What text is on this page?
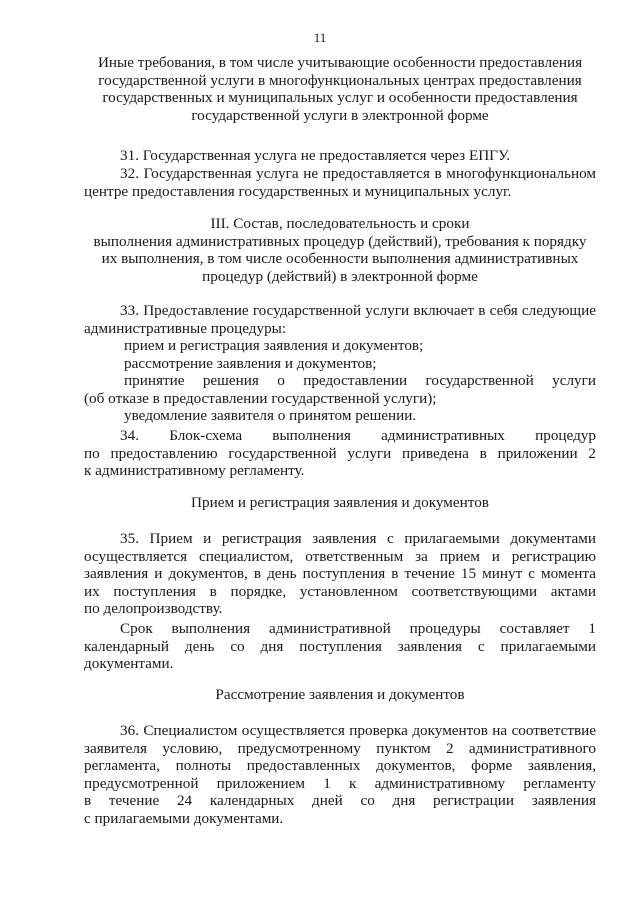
11
Иные требования, в том числе учитывающие особенности предоставления
государственной услуги в многофункциональных центрах предоставления
государственных и муниципальных услуг и особенности предоставления
государственной услуги в электронной форме
31. Государственная услуга не предоставляется через ЕПГУ.
32. Государственная услуга не предоставляется в многофункциональном
центре предоставления государственных и муниципальных услуг.
III. Состав, последовательность и сроки
выполнения административных процедур (действий), требования к порядку
их выполнения, в том числе особенности выполнения административных
процедур (действий) в электронной форме
33. Предоставление государственной услуги включает в себя следующие
административные процедуры:
прием и регистрация заявления и документов;
рассмотрение заявления и документов;
принятие решения о предоставлении государственной услуги
(об отказе в предоставлении государственной услуги);
уведомление заявителя о принятом решении.
34. Блок-схема выполнения административных процедур
по предоставлению государственной услуги приведена в приложении 2
к административному регламенту.
Прием и регистрация заявления и документов
35. Прием и регистрация заявления с прилагаемыми документами
осуществляется специалистом, ответственным за прием и регистрацию
заявления и документов, в день поступления в течение 15 минут с момента
их поступления в порядке, установленном соответствующими актами
по делопроизводству.
Срок выполнения административной процедуры составляет 1
календарный день со дня поступления заявления с прилагаемыми
документами.
Рассмотрение заявления и документов
36. Специалистом осуществляется проверка документов на соответствие
заявителя условию, предусмотренному пунктом 2 административного
регламента, полноты предоставленных документов, форме заявления,
предусмотренной приложением 1 к административному регламенту
в течение 24 календарных дней со дня регистрации заявления
с прилагаемыми документами.
